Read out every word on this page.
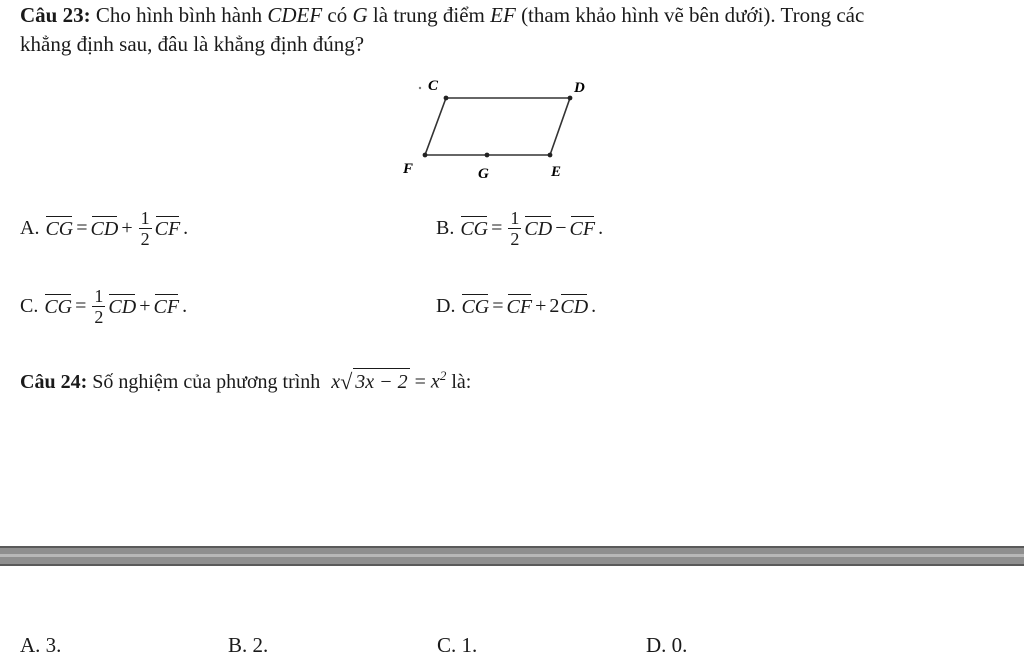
Câu 23: Cho hình bình hành CDEF có G là trung điểm EF (tham khảo hình vẽ bên dưới). Trong các
khẳng định sau, đâu là khẳng định đúng?
C	D
F	G	E
A. CG = CD + $\frac{1}{2}$ CF .	B. CG = $\frac{1}{2}$ CD − CF .
C. CG = $\frac{1}{2}$ CD + CF .	D. CG = CF + 2 CD .
Câu 24: Số nghiệm của phương trình x √ $3x - 2 = x^2$ là:
A. 3.	B. 2.	C. 1.	D. 0.
